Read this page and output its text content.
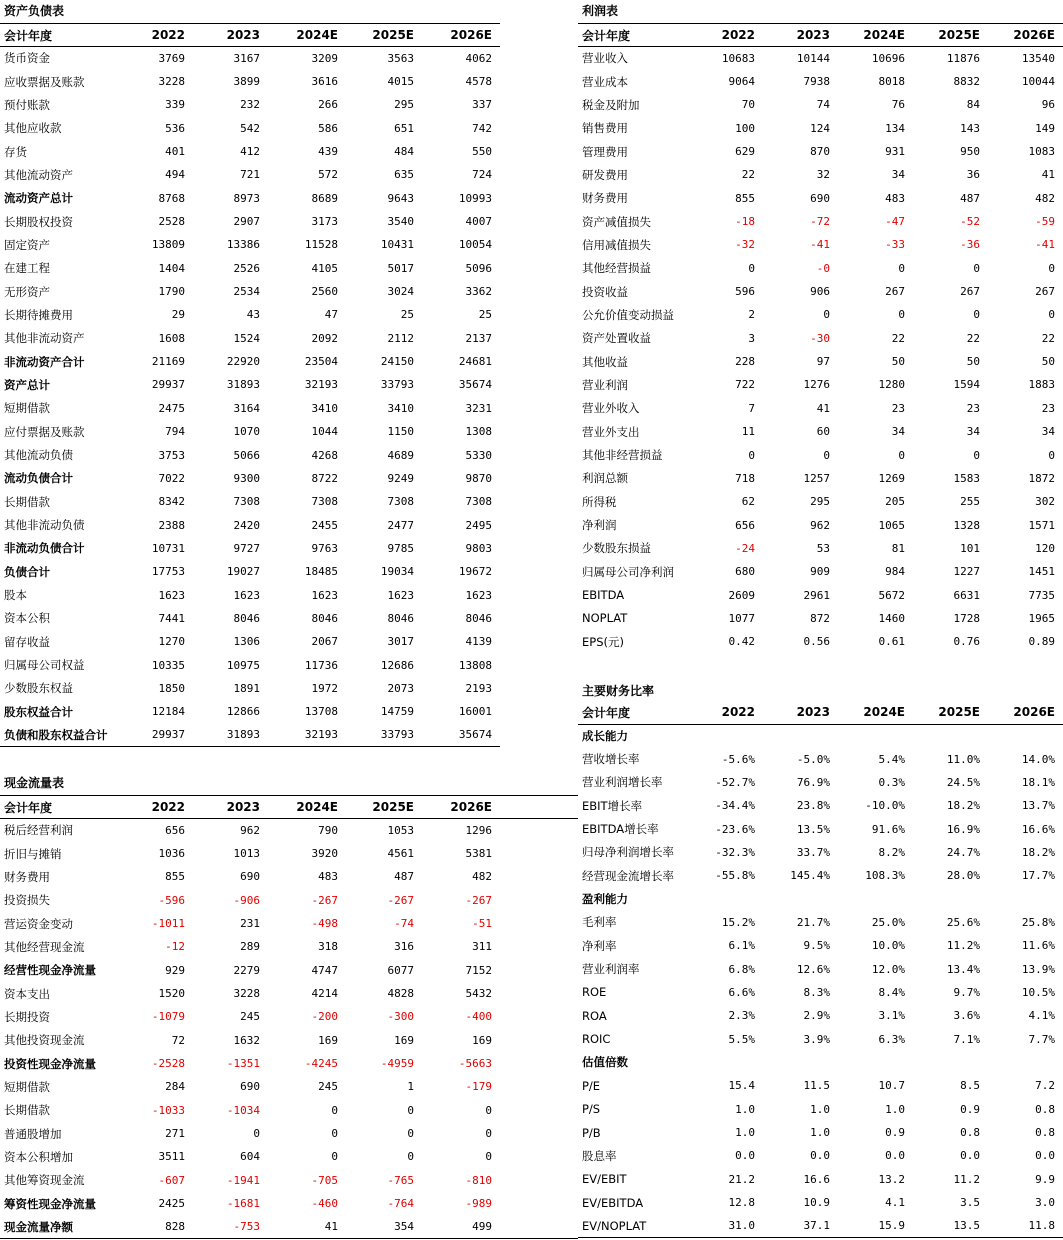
资产负债表
会计年度	2022	2023	2024E	2025E	2026E
货币资金	3769	3167	3209	3563	4062
应收票据及账款	3228	3899	3616	4015	4578
预付账款	339	232	266	295	337
其他应收款	536	542	586	651	742
存货	401	412	439	484	550
其他流动资产	494	721	572	635	724
流动资产总计	8768	8973	8689	9643	10993
长期股权投资	2528	2907	3173	3540	4007
固定资产	13809	13386	11528	10431	10054
在建工程	1404	2526	4105	5017	5096
无形资产	1790	2534	2560	3024	3362
长期待摊费用	29	43	47	25	25
其他非流动资产	1608	1524	2092	2112	2137
非流动资产合计	21169	22920	23504	24150	24681
资产总计	29937	31893	32193	33793	35674
短期借款	2475	3164	3410	3410	3231
应付票据及账款	794	1070	1044	1150	1308
其他流动负债	3753	5066	4268	4689	5330
流动负债合计	7022	9300	8722	9249	9870
长期借款	8342	7308	7308	7308	7308
其他非流动负债	2388	2420	2455	2477	2495
非流动负债合计	10731	9727	9763	9785	9803
负债合计	17753	19027	18485	19034	19672
股本	1623	1623	1623	1623	1623
资本公积	7441	8046	8046	8046	8046
留存收益	1270	1306	2067	3017	4139
归属母公司权益	10335	10975	11736	12686	13808
少数股东权益	1850	1891	1972	2073	2193
股东权益合计	12184	12866	13708	14759	16001
负债和股东权益合计	29937	31893	32193	33793	35674
利润表
会计年度	2022	2023	2024E	2025E	2026E
营业收入	10683	10144	10696	11876	13540
营业成本	9064	7938	8018	8832	10044
税金及附加	70	74	76	84	96
销售费用	100	124	134	143	149
管理费用	629	870	931	950	1083
研发费用	22	32	34	36	41
财务费用	855	690	483	487	482
资产减值损失	-18	-72	-47	-52	-59
信用减值损失	-32	-41	-33	-36	-41
其他经营损益	0	-0	0	0	0
投资收益	596	906	267	267	267
公允价值变动损益	2	0	0	0	0
资产处置收益	3	-30	22	22	22
其他收益	228	97	50	50	50
营业利润	722	1276	1280	1594	1883
营业外收入	7	41	23	23	23
营业外支出	11	60	34	34	34
其他非经营损益	0	0	0	0	0
利润总额	718	1257	1269	1583	1872
所得税	62	295	205	255	302
净利润	656	962	1065	1328	1571
少数股东损益	-24	53	81	101	120
归属母公司净利润	680	909	984	1227	1451
EBITDA	2609	2961	5672	6631	7735
NOPLAT	1077	872	1460	1728	1965
EPS(元)	0.42	0.56	0.61	0.76	0.89
现金流量表
会计年度	2022	2023	2024E	2025E	2026E	
税后经营利润	656	962	790	1053	1296	
折旧与摊销	1036	1013	3920	4561	5381	
财务费用	855	690	483	487	482	
投资损失	-596	-906	-267	-267	-267	
营运资金变动	-1011	231	-498	-74	-51	
其他经营现金流	-12	289	318	316	311	
经营性现金净流量	929	2279	4747	6077	7152	
资本支出	1520	3228	4214	4828	5432	
长期投资	-1079	245	-200	-300	-400	
其他投资现金流	72	1632	169	169	169	
投资性现金净流量	-2528	-1351	-4245	-4959	-5663	
短期借款	284	690	245	1	-179	
长期借款	-1033	-1034	0	0	0	
普通股增加	271	0	0	0	0	
资本公积增加	3511	604	0	0	0	
其他筹资现金流	-607	-1941	-705	-765	-810	
筹资性现金净流量	2425	-1681	-460	-764	-989	
现金流量净额	828	-753	41	354	499	
主要财务比率
会计年度	2022	2023	2024E	2025E	2026E
成长能力					
营收增长率	-5.6%	-5.0%	5.4%	11.0%	14.0%
营业利润增长率	-52.7%	76.9%	0.3%	24.5%	18.1%
EBIT增长率	-34.4%	23.8%	-10.0%	18.2%	13.7%
EBITDA增长率	-23.6%	13.5%	91.6%	16.9%	16.6%
归母净利润增长率	-32.3%	33.7%	8.2%	24.7%	18.2%
经营现金流增长率	-55.8%	145.4%	108.3%	28.0%	17.7%
盈利能力					
毛利率	15.2%	21.7%	25.0%	25.6%	25.8%
净利率	6.1%	9.5%	10.0%	11.2%	11.6%
营业利润率	6.8%	12.6%	12.0%	13.4%	13.9%
ROE	6.6%	8.3%	8.4%	9.7%	10.5%
ROA	2.3%	2.9%	3.1%	3.6%	4.1%
ROIC	5.5%	3.9%	6.3%	7.1%	7.7%
估值倍数					
P/E	15.4	11.5	10.7	8.5	7.2
P/S	1.0	1.0	1.0	0.9	0.8
P/B	1.0	1.0	0.9	0.8	0.8
股息率	0.0	0.0	0.0	0.0	0.0
EV/EBIT	21.2	16.6	13.2	11.2	9.9
EV/EBITDA	12.8	10.9	4.1	3.5	3.0
EV/NOPLAT	31.0	37.1	15.9	13.5	11.8
